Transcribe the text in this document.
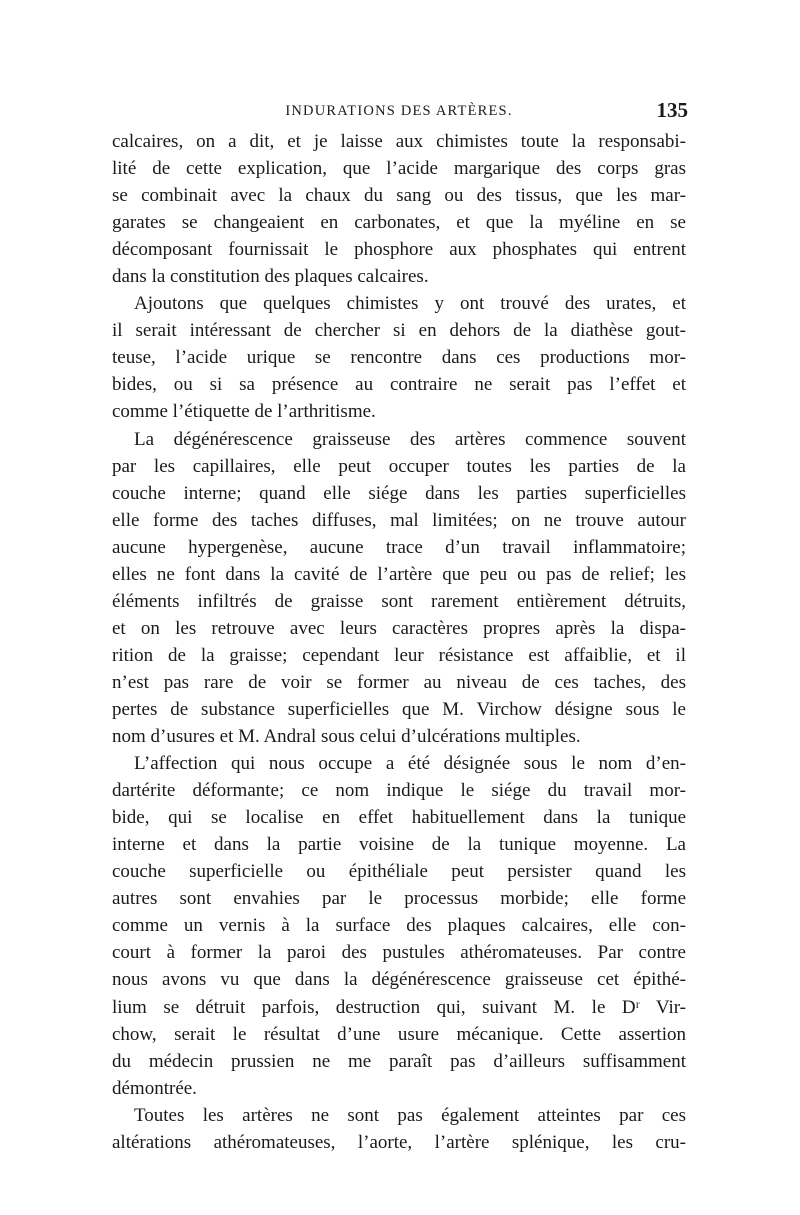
INDURATIONS DES ARTÈRES.	135
calcaires, on a dit, et je laisse aux chimistes toute la responsabi-
lité de cette explication, que l’acide margarique des corps gras
se combinait avec la chaux du sang ou des tissus, que les mar-
garates se changeaient en carbonates, et que la myéline en se
décomposant fournissait le phosphore aux phosphates qui entrent
dans la constitution des plaques calcaires.
Ajoutons que quelques chimistes y ont trouvé des urates, et
il serait intéressant de chercher si en dehors de la diathèse gout-
teuse, l’acide urique se rencontre dans ces productions mor-
bides, ou si sa présence au contraire ne serait pas l’effet et
comme l’étiquette de l’arthritisme.
La dégénérescence graisseuse des artères commence souvent
par les capillaires, elle peut occuper toutes les parties de la
couche interne; quand elle siége dans les parties superficielles
elle forme des taches diffuses, mal limitées; on ne trouve autour
aucune hypergenèse, aucune trace d’un travail inflammatoire;
elles ne font dans la cavité de l’artère que peu ou pas de relief; les
éléments infiltrés de graisse sont rarement entièrement détruits,
et on les retrouve avec leurs caractères propres après la dispa-
rition de la graisse; cependant leur résistance est affaiblie, et il
n’est pas rare de voir se former au niveau de ces taches, des
pertes de substance superficielles que M. Virchow désigne sous le
nom d’usures et M. Andral sous celui d’ulcérations multiples.
L’affection qui nous occupe a été désignée sous le nom d’en-
dartérite déformante; ce nom indique le siége du travail mor-
bide, qui se localise en effet habituellement dans la tunique
interne et dans la partie voisine de la tunique moyenne. La
couche superficielle ou épithéliale peut persister quand les
autres sont envahies par le processus morbide; elle forme
comme un vernis à la surface des plaques calcaires, elle con-
court à former la paroi des pustules athéromateuses. Par contre
nous avons vu que dans la dégénérescence graisseuse cet épithé-
lium se détruit parfois, destruction qui, suivant M. le Dʳ Vir-
chow, serait le résultat d’une usure mécanique. Cette assertion
du médecin prussien ne me paraît pas d’ailleurs suffisamment
démontrée.
Toutes les artères ne sont pas également atteintes par ces
altérations athéromateuses, l’aorte, l’artère splénique, les cru-
